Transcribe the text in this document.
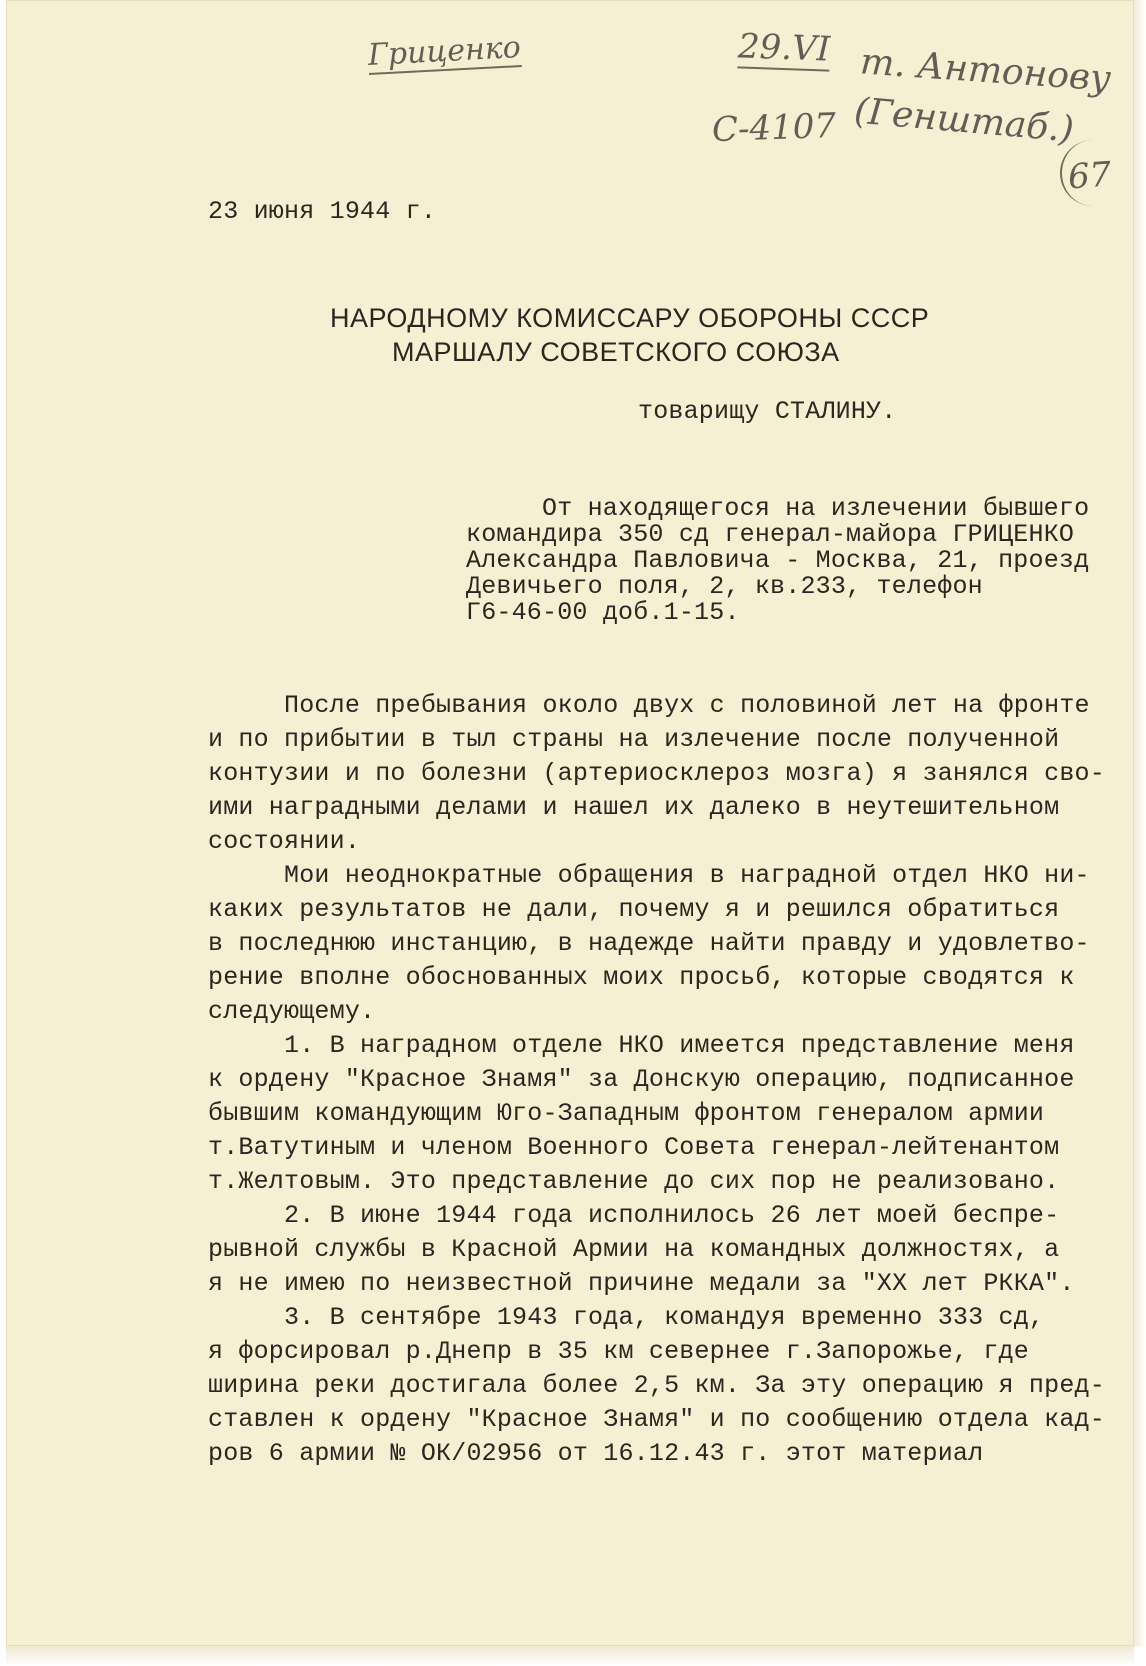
Гриценко	29.VI т. Антонову

С-4107 (Генштаб.)

67

23 июня 1944 г.

НАРОДНОМУ КОМИССАРУ ОБОРОНЫ СССР

МАРШАЛУ СОВЕТСКОГО СОЮЗА

товарищу СТАЛИНУ.

От находящегося на излечении бывшего

командира 350 сд генерал-майора ГРИЦЕНКО

Александра Павловича - Москва, 21, проезд

Девичьего поля, 2, кв.233, телефон

Г6-46-00 доб.1-15.

После пребывания около двух с половиной лет на фронте

и по прибытии в тыл страны на излечение после полученной

контузии и по болезни (артериосклероз мозга) я занялся сво-

ими наградными делами и нашел их далеко в неутешительном

состоянии.

Мои неоднократные обращения в наградной отдел НКО ни-

каких результатов не дали, почему я и решился обратиться

в последнюю инстанцию, в надежде найти правду и удовлетво-

рение вполне обоснованных моих просьб, которые сводятся к

следующему.

1. В наградном отделе НКО имеется представление меня

к ордену "Красное Знамя" за Донскую операцию, подписанное

бывшим командующим Юго-Западным фронтом генералом армии

т.Ватутиным и членом Военного Совета генерал-лейтенантом

т.Желтовым. Это представление до сих пор не реализовано.

2. В июне 1944 года исполнилось 26 лет моей беспре-

рывной службы в Красной Армии на командных должностях, а

я не имею по неизвестной причине медали за "XX лет РККА".

3. В сентябре 1943 года, командуя временно 333 сд,

я форсировал р.Днепр в 35 км севернее г.Запорожье, где

ширина реки достигала более 2,5 км. За эту операцию я пред-

ставлен к ордену "Красное Знамя" и по сообщению отдела кад-

ров 6 армии № ОК/02956 от 16.12.43 г. этот материал
